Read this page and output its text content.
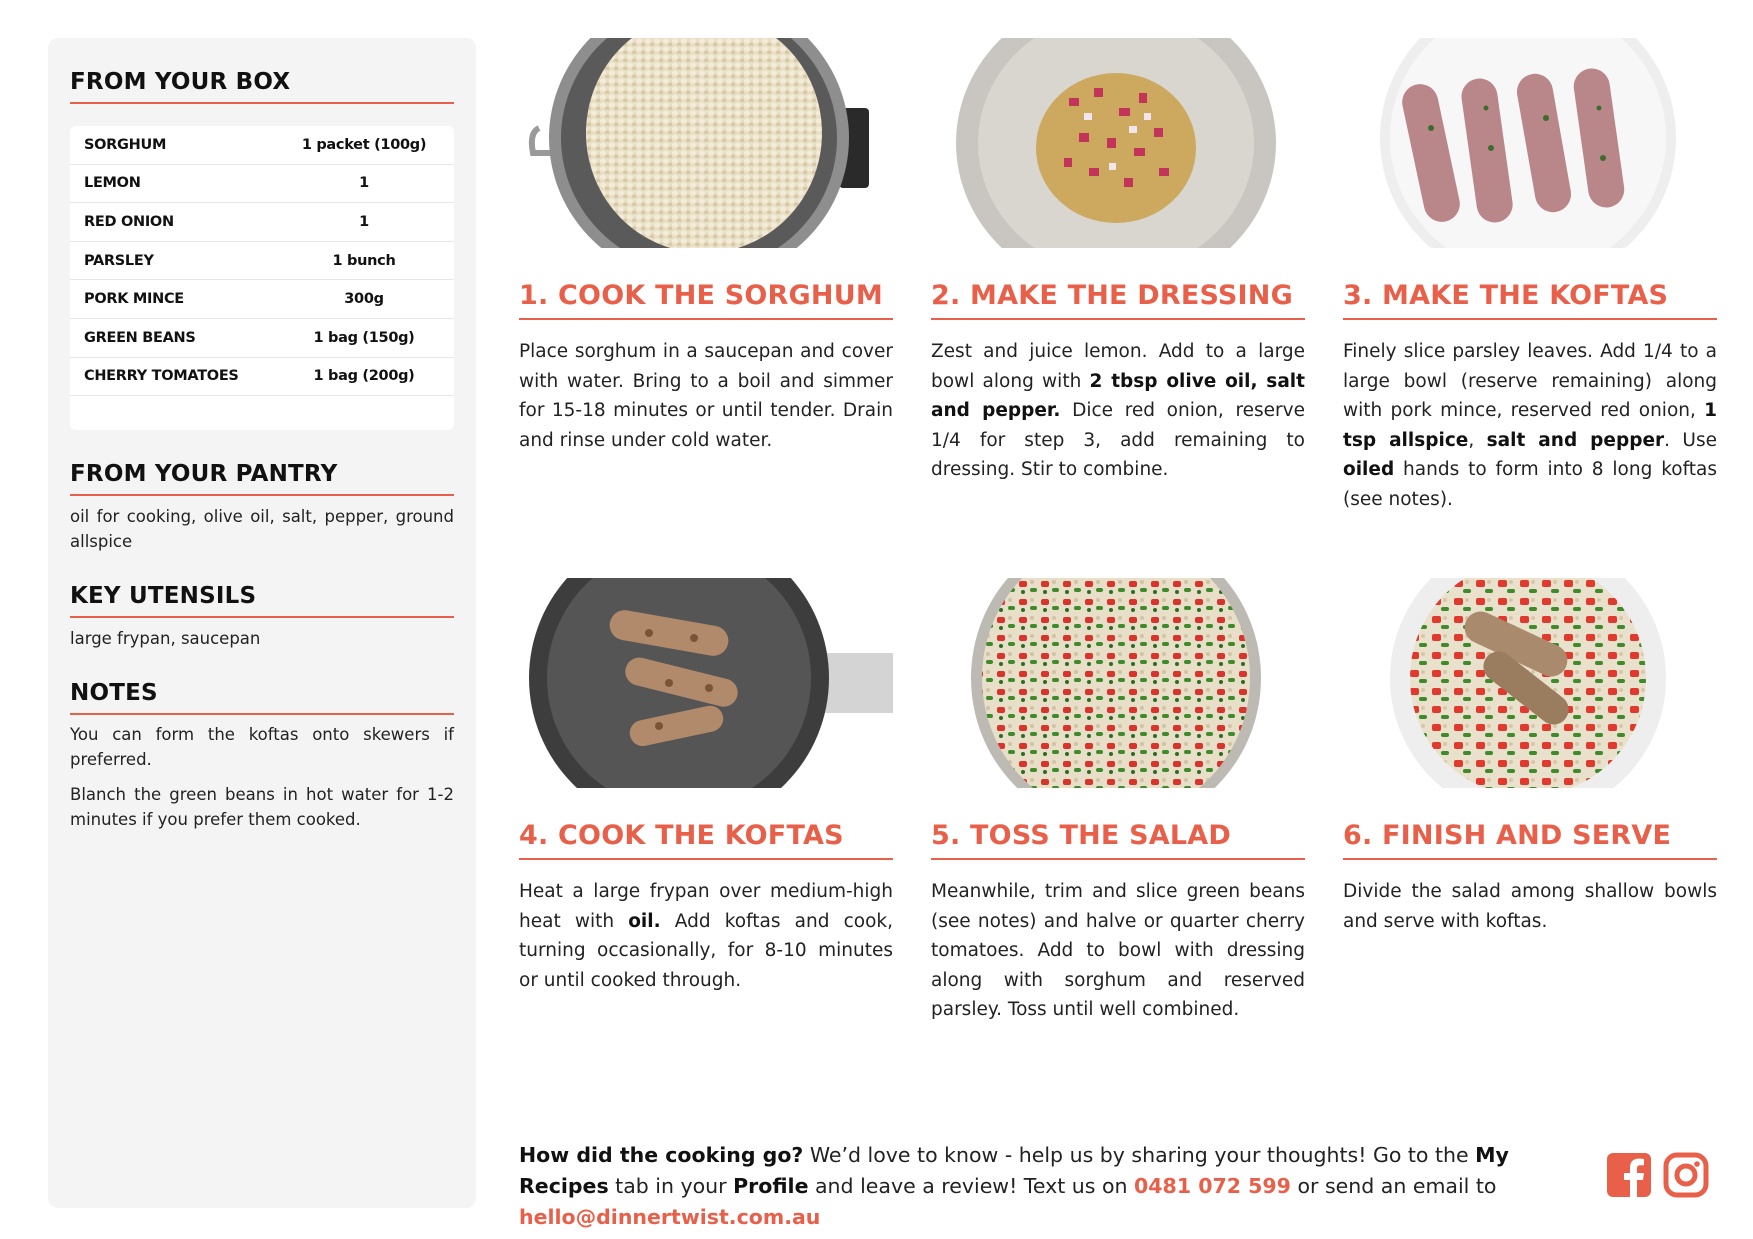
FROM YOUR BOX
SORGHUM	1 packet (100g)
LEMON	1
RED ONION	1
PARSLEY	1 bunch
PORK MINCE	300g
GREEN BEANS	1 bag (150g)
CHERRY TOMATOES	1 bag (200g)
FROM YOUR PANTRY
oil for cooking, olive oil, salt, pepper, ground allspice
KEY UTENSILS
large frypan, saucepan
NOTES
You can form the koftas onto skewers if preferred.
Blanch the green beans in hot water for 1-2 minutes if you prefer them cooked.
1. COOK THE SORGHUM
Place sorghum in a saucepan and cover with water. Bring to a boil and simmer for 15-18 minutes or until tender. Drain and rinse under cold water.
2. MAKE THE DRESSING
Zest and juice lemon. Add to a large bowl along with 2 tbsp olive oil, salt and pepper. Dice red onion, reserve 1/4 for step 3, add remaining to dressing. Stir to combine.
3. MAKE THE KOFTAS
Finely slice parsley leaves. Add 1/4 to a large bowl (reserve remaining) along with pork mince, reserved red onion, 1 tsp allspice, salt and pepper. Use oiled hands to form into 8 long koftas (see notes).
4. COOK THE KOFTAS
Heat a large frypan over medium-high heat with oil. Add koftas and cook, turning occasionally, for 8-10 minutes or until cooked through.
5. TOSS THE SALAD
Meanwhile, trim and slice green beans (see notes) and halve or quarter cherry tomatoes. Add to bowl with dressing along with sorghum and reserved parsley. Toss until well combined.
6. FINISH AND SERVE
Divide the salad among shallow bowls and serve with koftas.
How did the cooking go? We’d love to know - help us by sharing your thoughts! Go to the My Recipes tab in your Profile and leave a review! Text us on 0481 072 599 or send an email to hello@dinnertwist.com.au
